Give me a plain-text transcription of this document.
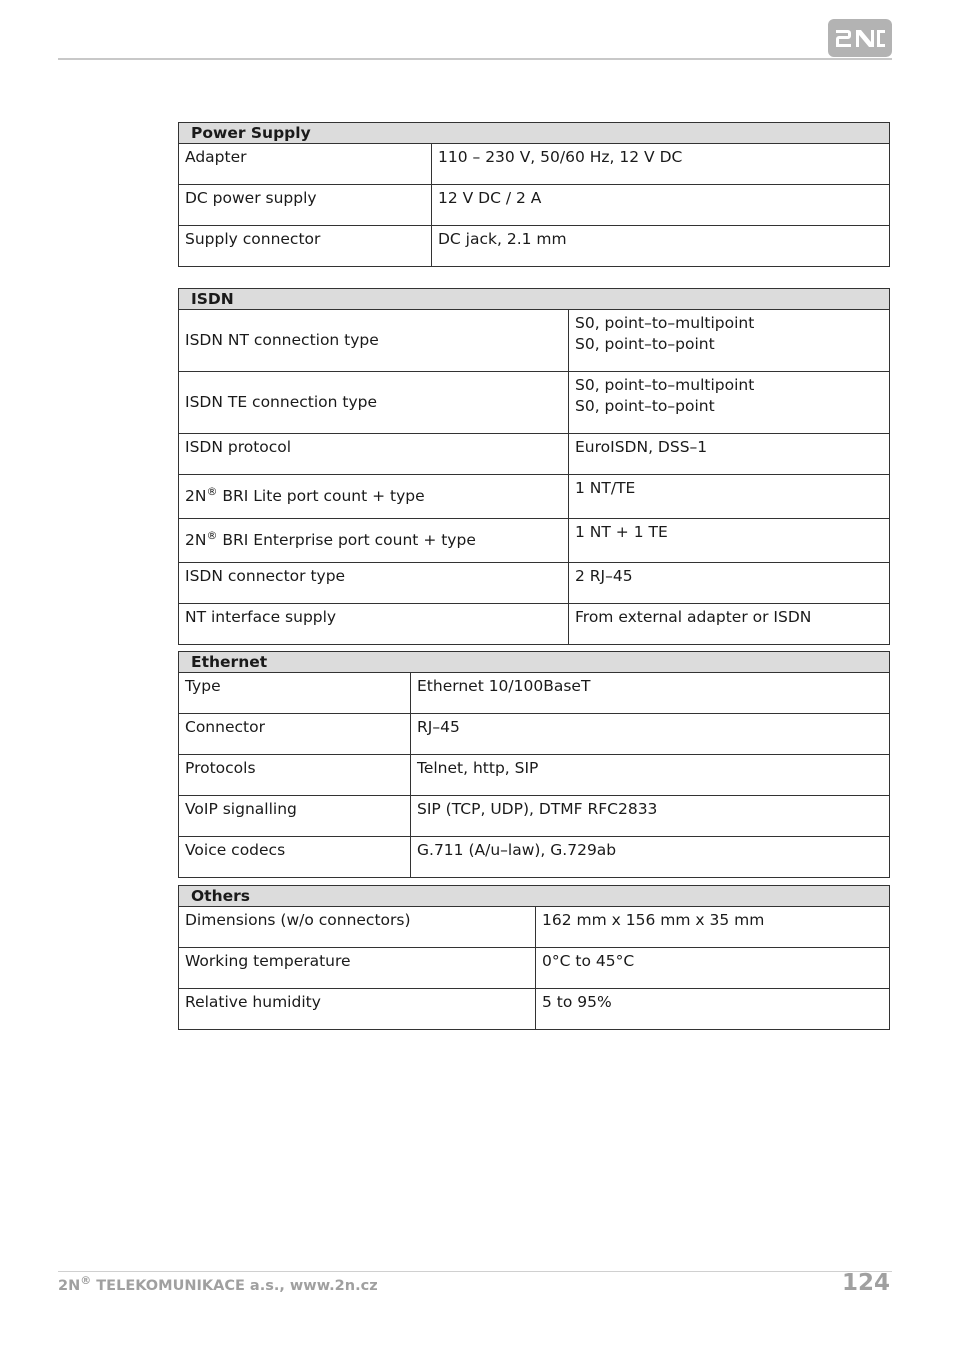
Power Supply	
Adapter	110 – 230 V, 50/60 Hz, 12 V DC
DC power supply	12 V DC / 2 A
Supply connector	DC jack, 2.1 mm
ISDN	
ISDN NT connection type	S0, point–to–multipoint
S0, point–to–point

ISDN TE connection type	S0, point–to–multipoint
S0, point–to–point

ISDN protocol	EuroISDN, DSS–1
2N® BRI Lite port count + type	1 NT/TE
2N® BRI Enterprise port count + type	1 NT + 1 TE
ISDN connector type	2 RJ–45
NT interface supply	From external adapter or ISDN
Ethernet	
Type	Ethernet 10/100BaseT
Connector	RJ–45
Protocols	Telnet, http, SIP
VoIP signalling	SIP (TCP, UDP), DTMF RFC2833
Voice codecs	G.711 (A/u–law), G.729ab
Others	
Dimensions (w/o connectors)	162 mm x 156 mm x 35 mm
Working temperature	0°C to 45°C
Relative humidity	5 to 95%
2N® TELEKOMUNIKACE a.s., www.2n.cz	124
